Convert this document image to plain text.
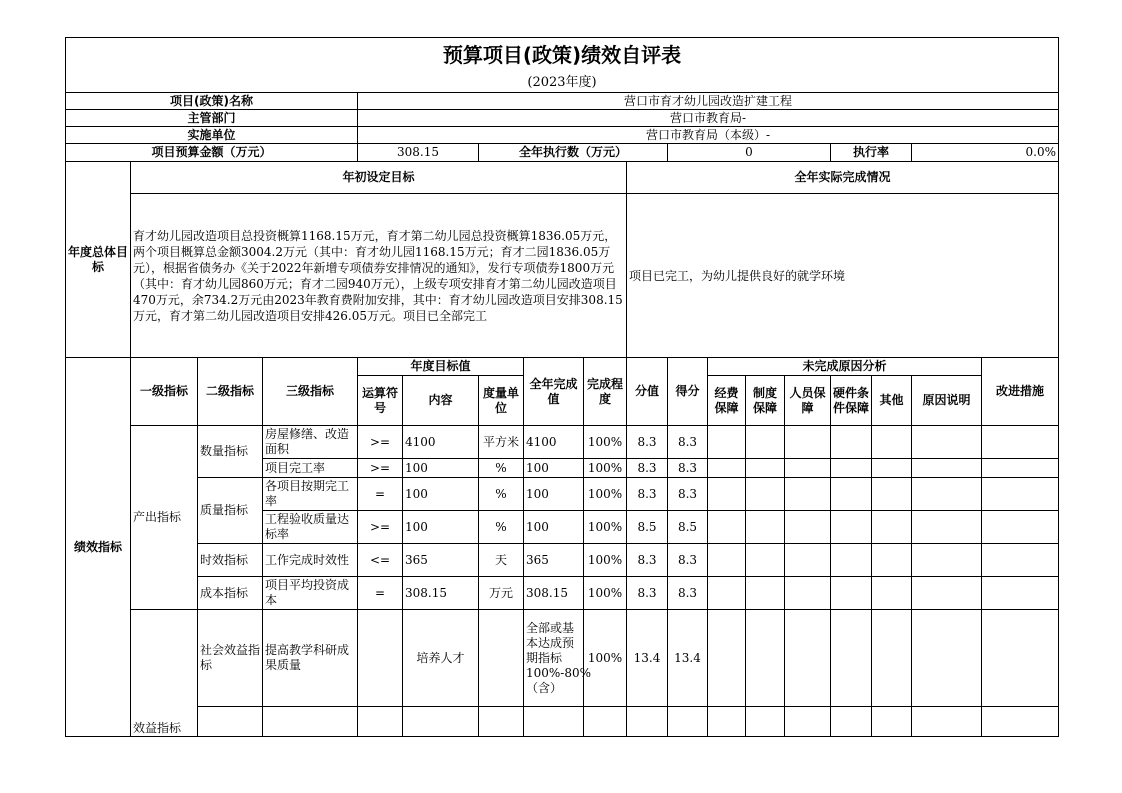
预算项目(政策)绩效自评表																	
(2023年度)																	
项目(政策)名称				营口市育才幼儿园改造扩建工程													
主管部门				营口市教育局-													
实施单位				营口市教育局（本级）-													
项目预算金额（万元）				308.15		全年执行数（万元）				0				执行率		0.0%	
年度总体目标	年初设定目标								全年实际完成情况								
	育才幼儿园改造项目总投资概算1168.15万元，育才第二幼儿园总投资概算1836.05万元，两个项目概算总金额3004.2万元（其中：育才幼儿园1168.15万元；育才二园1836.05万元），根据省债务办《关于2022年新增专项债券安排情况的通知》，发行专项债券1800万元（其中：育才幼儿园860万元；育才二园940万元），上级专项安排育才第二幼儿园改造项目470万元，余734.2万元由2023年教育费附加安排，其中：育才幼儿园改造项目安排308.15万元，育才第二幼儿园改造项目安排426.05万元。项目已全部完工								项目已完工，为幼儿提供良好的就学环境								
绩效指标	一级指标	二级指标	三级指标	年度目标值			全年完成值	完成程度	分值	得分	未完成原因分析						改进措施
				运算符号	内容	度量单位					经费保障	制度保障	人员保障	硬件条件保障	其他	原因说明	
	产出指标	数量指标	房屋修缮、改造面积	>=	4100	平方米	4100	100%	8.3	8.3							
			项目完工率	>=	100	%	100	100%	8.3	8.3							
		质量指标	各项目按期完工率	=	100	%	100	100%	8.3	8.3							
			工程验收质量达标率	>=	100	%	100	100%	8.5	8.5							
		时效指标	工作完成时效性	<=	365	天	365	100%	8.3	8.3							
		成本指标	项目平均投资成本	=	308.15	万元	308.15	100%	8.3	8.3							
	效益指标	社会效益指标	提高教学科研成果质量		培养人才		全部或基本达成预期指标100%-80%（含）	100%	13.4	13.4							
